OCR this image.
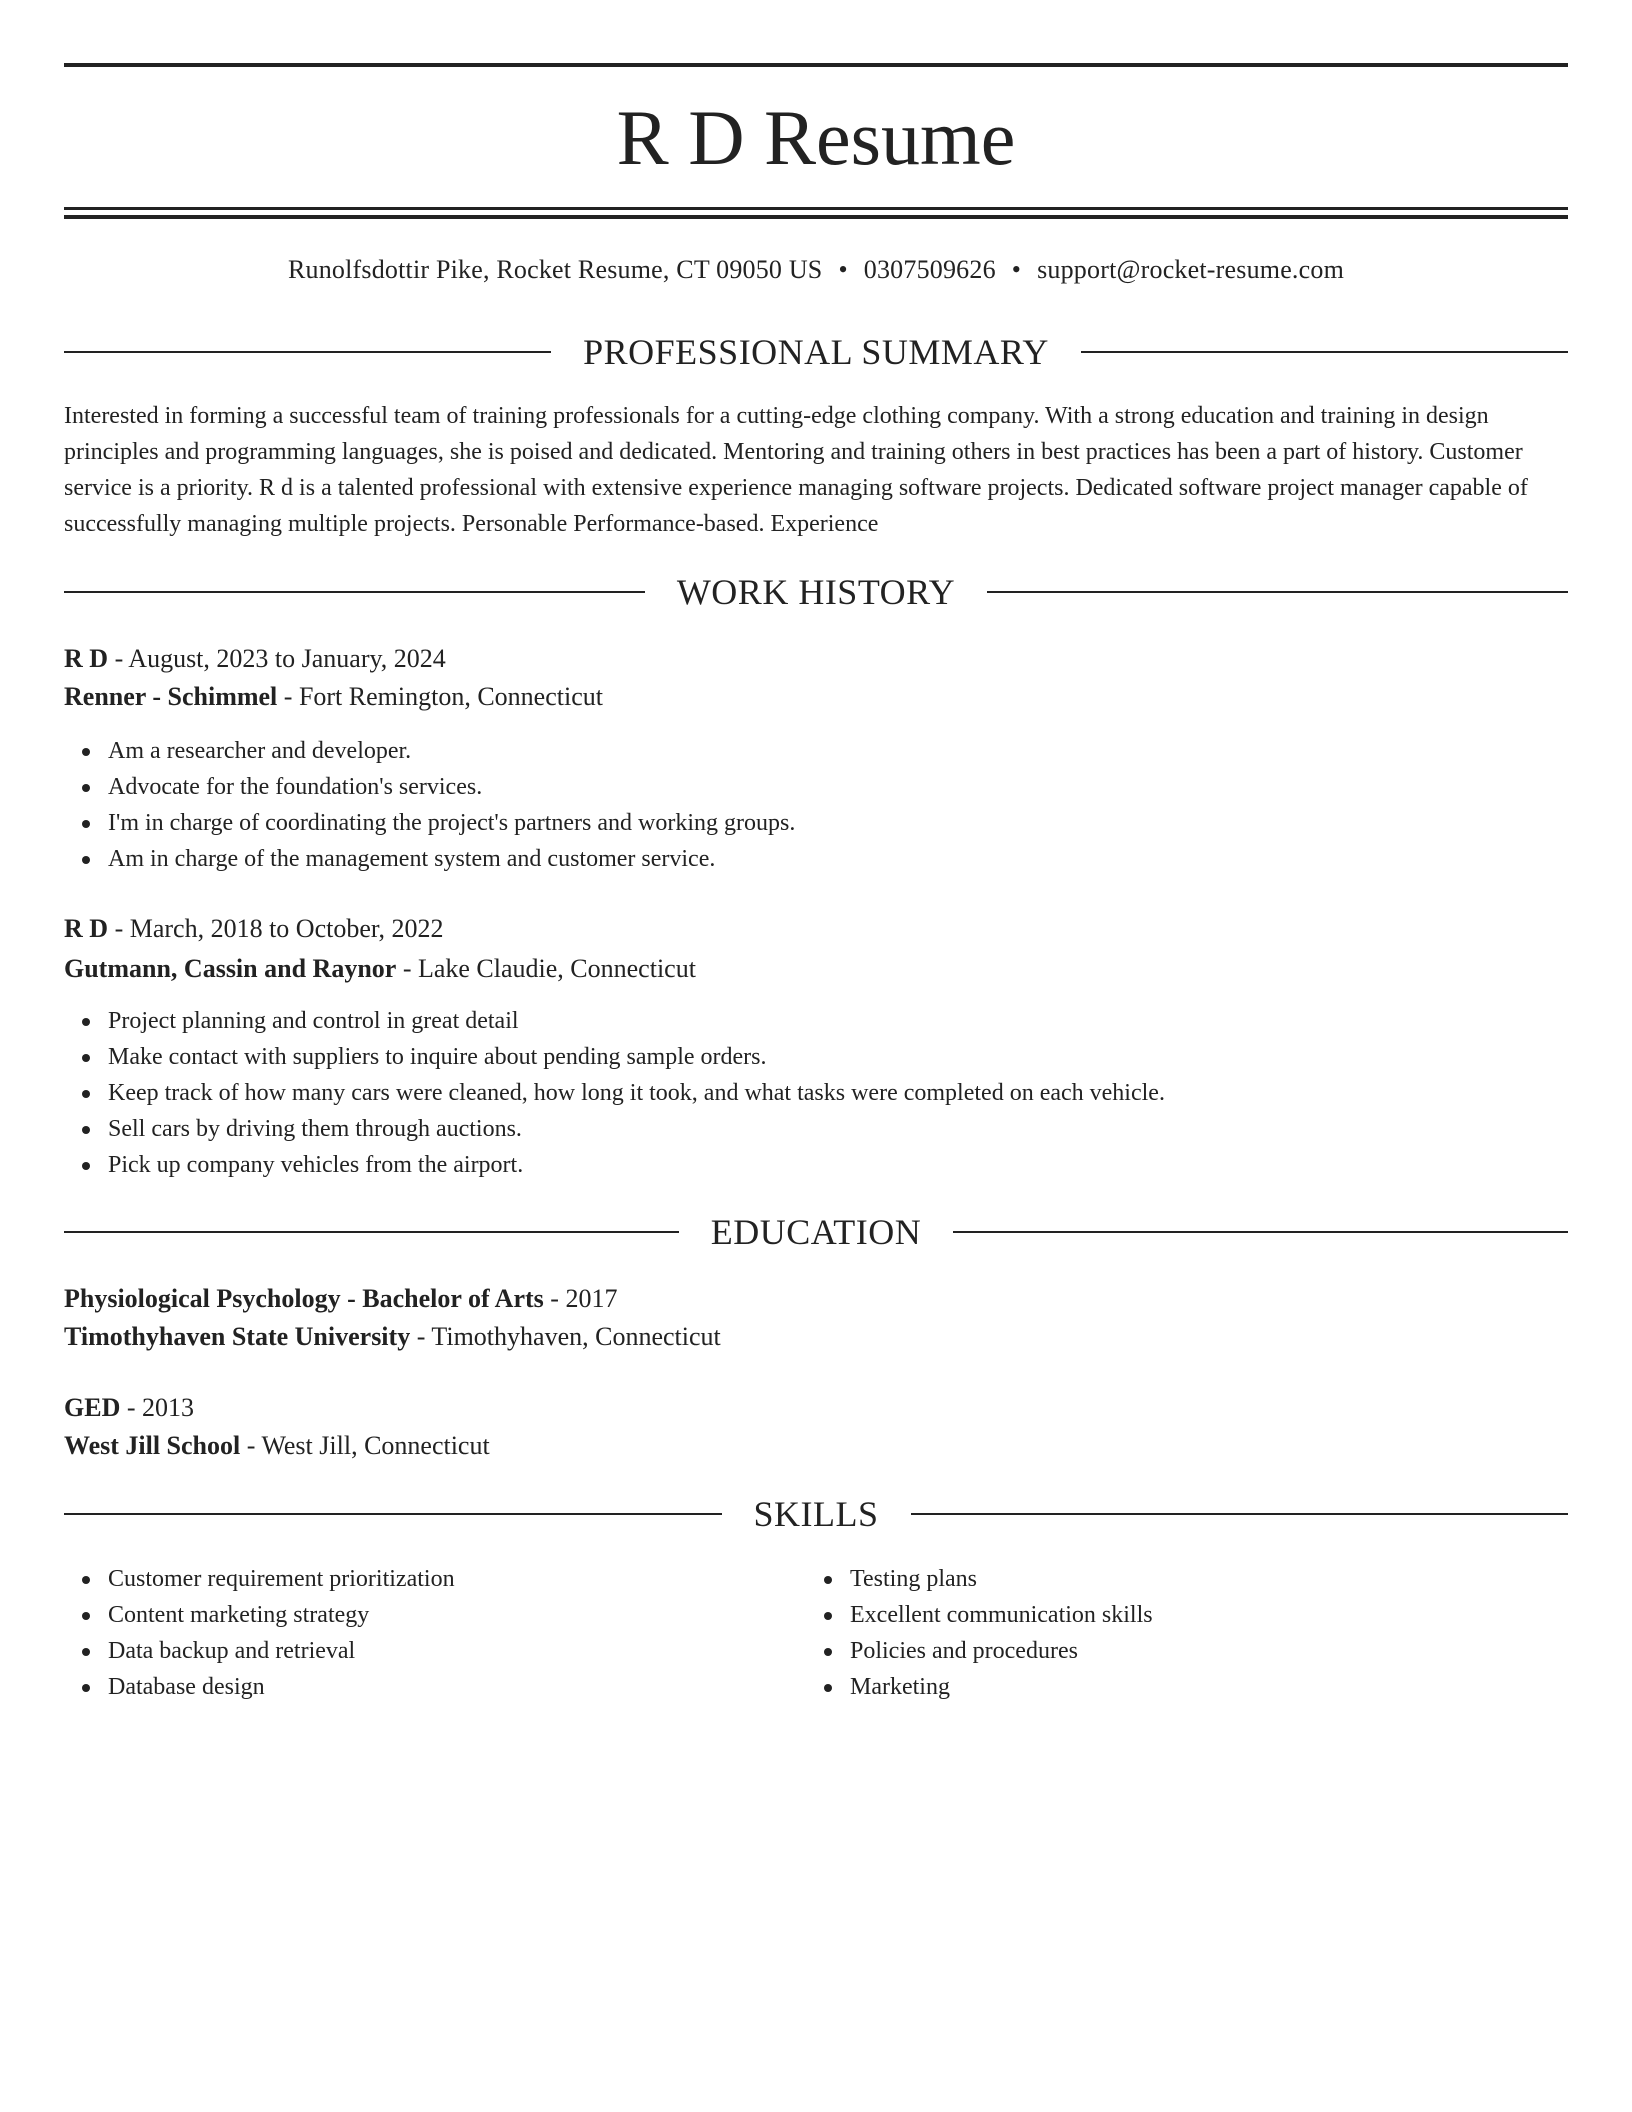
R D Resume
Runolfsdottir Pike, Rocket Resume, CT 09050 US • 0307509626 • support@rocket-resume.com
PROFESSIONAL SUMMARY

Interested in forming a successful team of training professionals for a cutting-edge clothing company. With a strong education and training in design principles and programming languages, she is poised and dedicated. Mentoring and training others in best practices has been a part of history. Customer service is a priority. R d is a talented professional with extensive experience managing software projects. Dedicated software project manager capable of successfully managing multiple projects. Personable Performance-based. Experience

WORK HISTORY
R D - August, 2023 to January, 2024
Renner - Schimmel - Fort Remington, Connecticut
Am a researcher and developer.
Advocate for the foundation's services.
I'm in charge of coordinating the project's partners and working groups.
Am in charge of the management system and customer service.
R D - March, 2018 to October, 2022
Gutmann, Cassin and Raynor - Lake Claudie, Connecticut
Project planning and control in great detail
Make contact with suppliers to inquire about pending sample orders.
Keep track of how many cars were cleaned, how long it took, and what tasks were completed on each vehicle.
Sell cars by driving them through auctions.
Pick up company vehicles from the airport.
EDUCATION
Physiological Psychology - Bachelor of Arts - 2017
Timothyhaven State University - Timothyhaven, Connecticut
GED - 2013
West Jill School - West Jill, Connecticut
SKILLS
Customer requirement prioritization
Content marketing strategy
Data backup and retrieval
Database design
Testing plans
Excellent communication skills
Policies and procedures
Marketing
